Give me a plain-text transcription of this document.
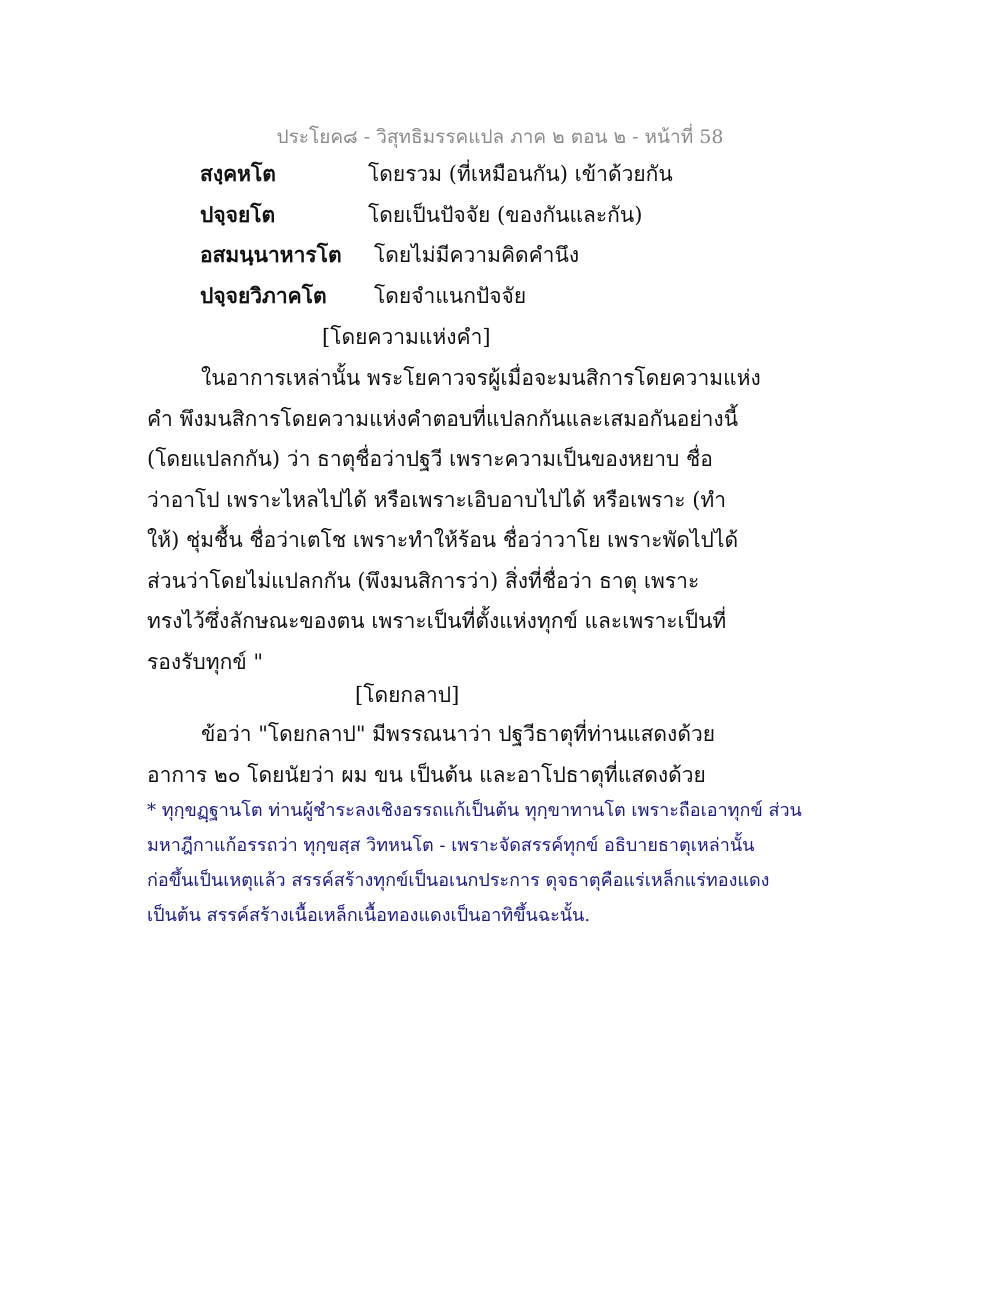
ประโยค๘ - วิสุทธิมรรคแปล ภาค ๒ ตอน ๒ - หน้าที่ 58
สงฺคหโต	โดยรวม (ที่เหมือนกัน) เข้าด้วยกัน
ปจฺจยโต	โดยเป็นปัจจัย (ของกันและกัน)
อสมนฺนาหารโต โดยไม่มีความคิดคำนึง
ปจฺจยวิภาคโต โดยจำแนกปัจจัย
[โดยความแห่งคำ]
ในอาการเหล่านั้น พระโยคาวจรผู้เมื่อจะมนสิการโดยความแห่ง
คำ พึงมนสิการโดยความแห่งคำตอบที่แปลกกันและเสมอกันอย่างนี้
(โดยแปลกกัน) ว่า ธาตุชื่อว่าปฐวี เพราะความเป็นของหยาบ ชื่อ
ว่าอาโป เพราะไหลไปได้ หรือเพราะเอิบอาบไปได้ หรือเพราะ (ทำ
ให้) ชุ่มชื้น ชื่อว่าเตโช เพราะทำให้ร้อน ชื่อว่าวาโย เพราะพัดไปได้
ส่วนว่าโดยไม่แปลกกัน (พึงมนสิการว่า) สิ่งที่ชื่อว่า ธาตุ เพราะ
ทรงไว้ซึ่งลักษณะของตน เพราะเป็นที่ตั้งแห่งทุกข์ และเพราะเป็นที่
รองรับทุกข์ "
[โดยกลาป]
ข้อว่า "โดยกลาป" มีพรรณนาว่า ปฐวีธาตุที่ท่านแสดงด้วย
อาการ ๒๐ โดยนัยว่า ผม ขน เป็นต้น และอาโปธาตุที่แสดงด้วย
* ทุกฺขฏฺฐานโต ท่านผู้ชำระลงเชิงอรรถแก้เป็นต้น ทุกฺขาทานโต เพราะถือเอาทุกข์ ส่วน
มหาฎีกาแก้อรรถว่า ทุกฺขสฺส วิทหนโต - เพราะจัดสรรค์ทุกข์ อธิบายธาตุเหล่านั้น
ก่อขึ้นเป็นเหตุแล้ว สรรค์สร้างทุกข์เป็นอเนกประการ ดุจธาตุคือแร่เหล็กแร่ทองแดง
เป็นต้น สรรค์สร้างเนื้อเหล็กเนื้อทองแดงเป็นอาทิขึ้นฉะนั้น.
